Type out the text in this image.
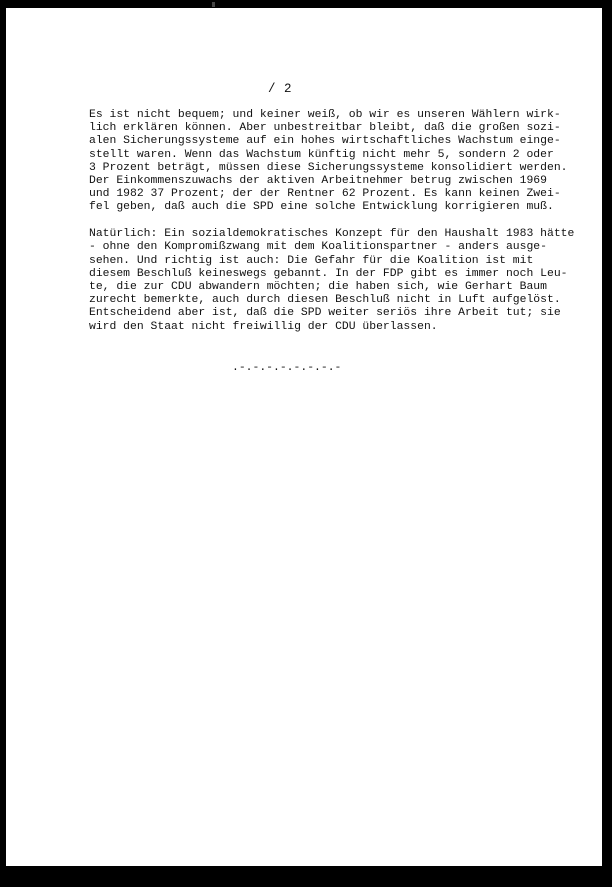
/ 2

Es ist nicht bequem; und keiner weiß, ob wir es unseren Wählern wirk-
lich erklären können. Aber unbestreitbar bleibt, daß die großen sozi-
alen Sicherungssysteme auf ein hohes wirtschaftliches Wachstum einge-
stellt waren. Wenn das Wachstum künftig nicht mehr 5, sondern 2 oder
3 Prozent beträgt, müssen diese Sicherungssysteme konsolidiert werden.
Der Einkommenszuwachs der aktiven Arbeitnehmer betrug zwischen 1969
und 1982 37 Prozent; der der Rentner 62 Prozent. Es kann keinen Zwei-
fel geben, daß auch die SPD eine solche Entwicklung korrigieren muß.

Natürlich: Ein sozialdemokratisches Konzept für den Haushalt 1983 hätte
- ohne den Kompromißzwang mit dem Koalitionspartner - anders ausge-
sehen. Und richtig ist auch: Die Gefahr für die Koalition ist mit
diesem Beschluß keineswegs gebannt. In der FDP gibt es immer noch Leu-
te, die zur CDU abwandern möchten; die haben sich, wie Gerhart Baum
zurecht bemerkte, auch durch diesen Beschluß nicht in Luft aufgelöst.
Entscheidend aber ist, daß die SPD weiter seriös ihre Arbeit tut; sie
wird den Staat nicht freiwillig der CDU überlassen.

.-.-.-.-.-.-.-.-
